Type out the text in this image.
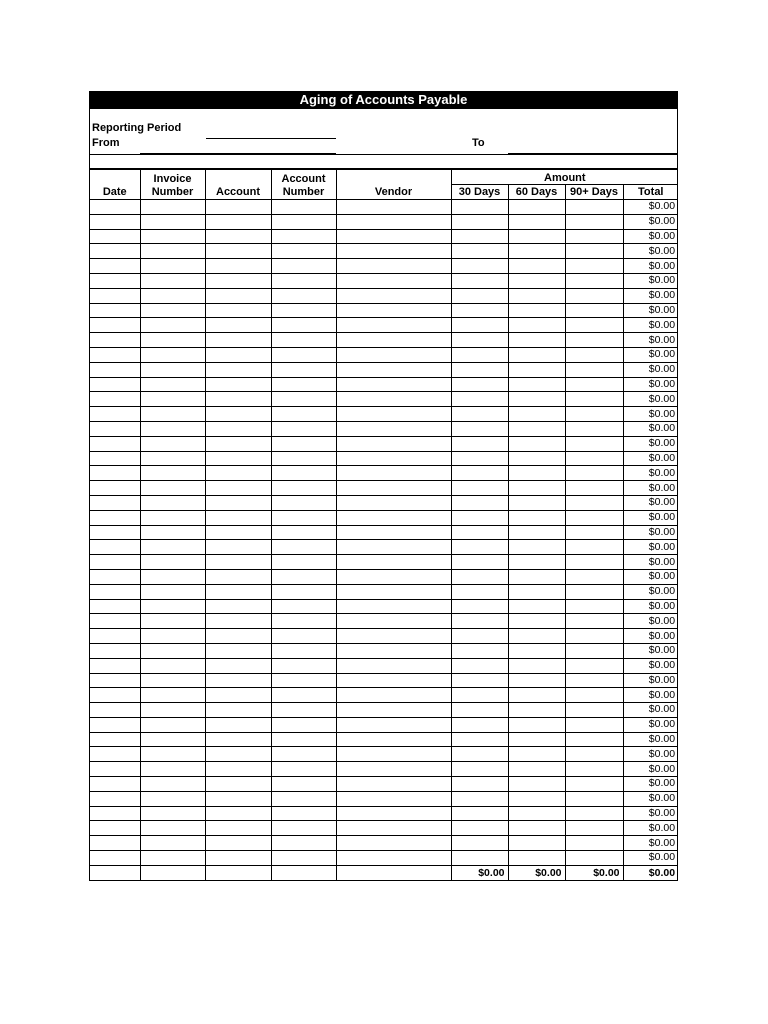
Aging of Accounts Payable
Reporting Period
From	To
	Invoice		Account		Amount			
Date	Number	Account	Number	Vendor	30 Days	60 Days	90+ Days	Total
								$0.00
								$0.00
								$0.00
								$0.00
								$0.00
								$0.00
								$0.00
								$0.00
								$0.00
								$0.00
								$0.00
								$0.00
								$0.00
								$0.00
								$0.00
								$0.00
								$0.00
								$0.00
								$0.00
								$0.00
								$0.00
								$0.00
								$0.00
								$0.00
								$0.00
								$0.00
								$0.00
								$0.00
								$0.00
								$0.00
								$0.00
								$0.00
								$0.00
								$0.00
								$0.00
								$0.00
								$0.00
								$0.00
								$0.00
								$0.00
								$0.00
								$0.00
								$0.00
								$0.00
								$0.00
					$0.00	$0.00	$0.00	$0.00
